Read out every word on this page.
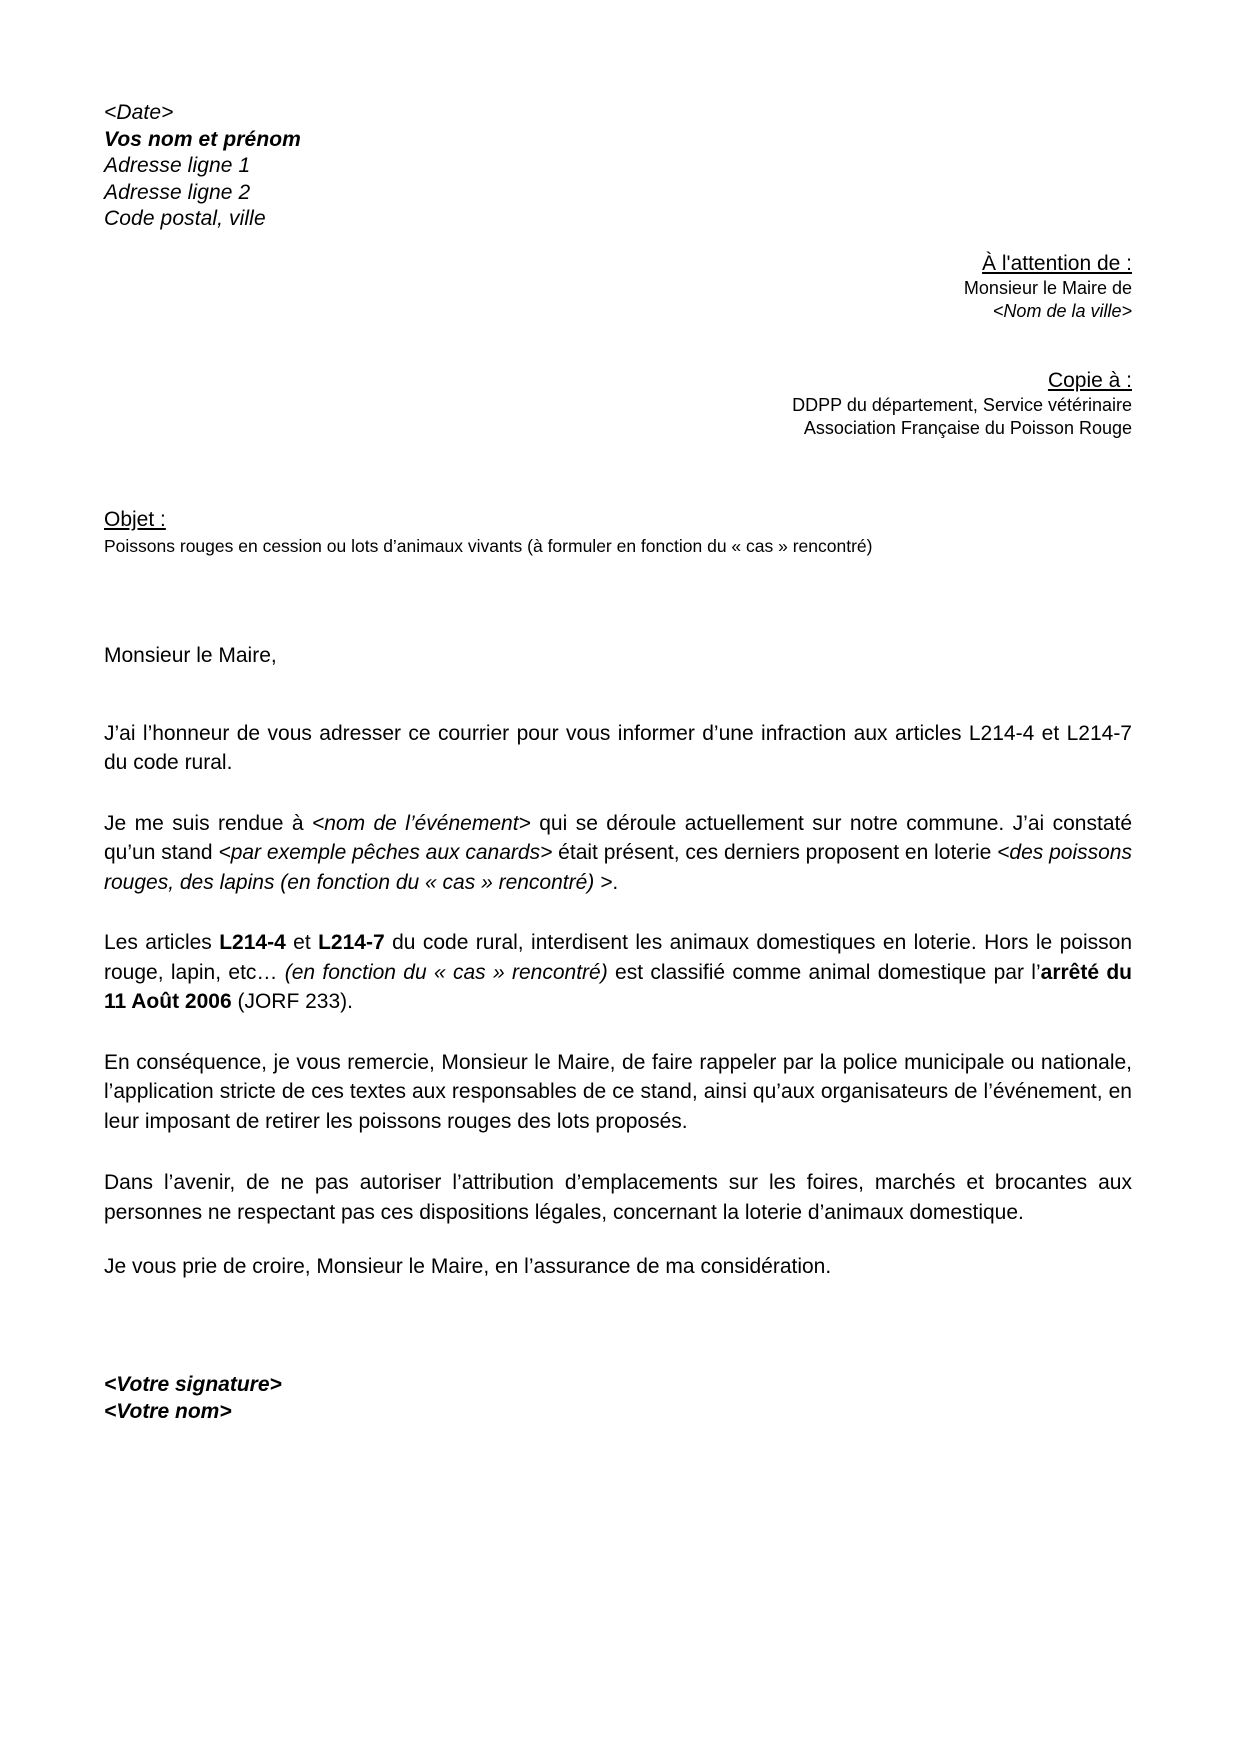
<Date>
Vos nom et prénom
Adresse ligne 1
Adresse ligne 2
Code postal, ville
À l'attention de :
Monsieur le Maire de
<Nom de la ville>
Copie à :
DDPP du département, Service vétérinaire
Association Française du Poisson Rouge
Objet :
Poissons rouges en cession ou lots d’animaux vivants (à formuler en fonction du « cas » rencontré)
Monsieur le Maire,

J’ai l’honneur de vous adresser ce courrier pour vous informer d’une infraction aux articles L214-4 et L214-7 du code rural.

Je me suis rendue à <nom de l’événement> qui se déroule actuellement sur notre commune. J’ai constaté qu’un stand <par exemple pêches aux canards> était présent, ces derniers proposent en loterie <des poissons rouges, des lapins (en fonction du « cas » rencontré) >.

Les articles L214-4 et L214-7 du code rural, interdisent les animaux domestiques en loterie. Hors le poisson rouge, lapin, etc… (en fonction du « cas » rencontré) est classifié comme animal domestique par l’arrêté du 11 Août 2006 (JORF 233).

En conséquence, je vous remercie, Monsieur le Maire, de faire rappeler par la police municipale ou nationale, l’application stricte de ces textes aux responsables de ce stand, ainsi qu’aux organisateurs de l’événement, en leur imposant de retirer les poissons rouges des lots proposés.

Dans l’avenir, de ne pas autoriser l’attribution d’emplacements sur les foires, marchés et brocantes aux personnes ne respectant pas ces dispositions légales, concernant la loterie d’animaux domestique.

Je vous prie de croire, Monsieur le Maire, en l’assurance de ma considération.
<Votre signature>
<Votre nom>
